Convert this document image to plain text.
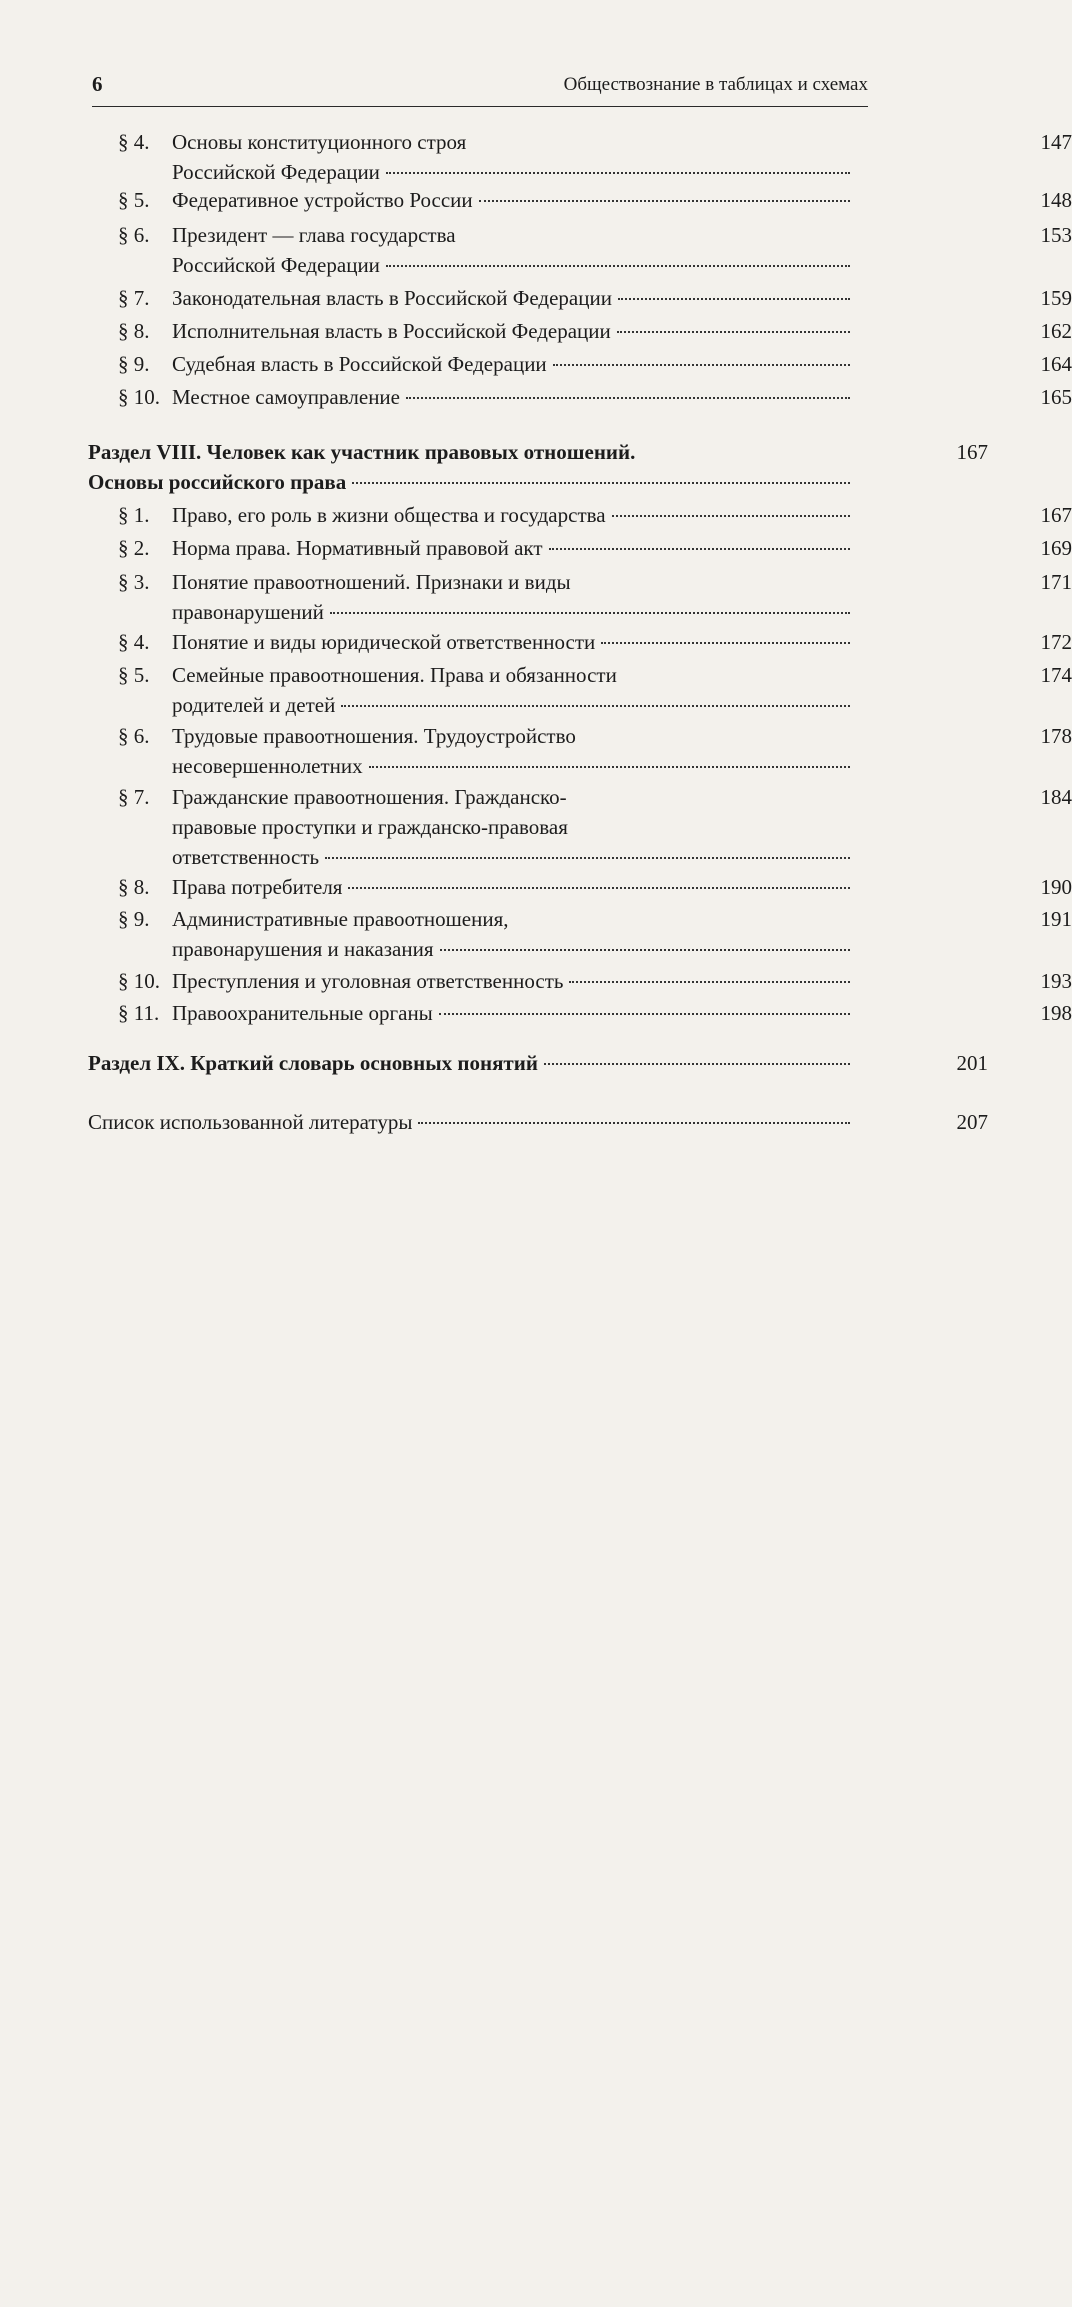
6	Обществознание в таблицах и схемах
§ 4. Основы конституционного строя
Российской Федерации
147
§ 5. Федеративное устройство России	148
§ 6. Президент — глава государства
Российской Федерации
153
§ 7. Законодательная власть в Российской Федерации	159
§ 8. Исполнительная власть в Российской Федерации	162
§ 9. Судебная власть в Российской Федерации	164
§ 10. Местное самоуправление	165
Раздел VIII. Человек как участник правовых отношений.
Основы российского права
167
§ 1. Право, его роль в жизни общества и государства	167
§ 2. Норма права. Нормативный правовой акт	169
§ 3. Понятие правоотношений. Признаки и виды
правонарушений
171
§ 4. Понятие и виды юридической ответственности	172
§ 5. Семейные правоотношения. Права и обязанности
родителей и детей
174
§ 6. Трудовые правоотношения. Трудоустройство
несовершеннолетних
178
§ 7. Гражданские правоотношения. Гражданско-
правовые проступки и гражданско-правовая
ответственность
184
§ 8. Права потребителя	190
§ 9. Административные правоотношения,
правонарушения и наказания
191
§ 10. Преступления и уголовная ответственность	193
§ 11. Правоохранительные органы	198
Раздел IX. Краткий словарь основных понятий	201
Список использованной литературы	207
